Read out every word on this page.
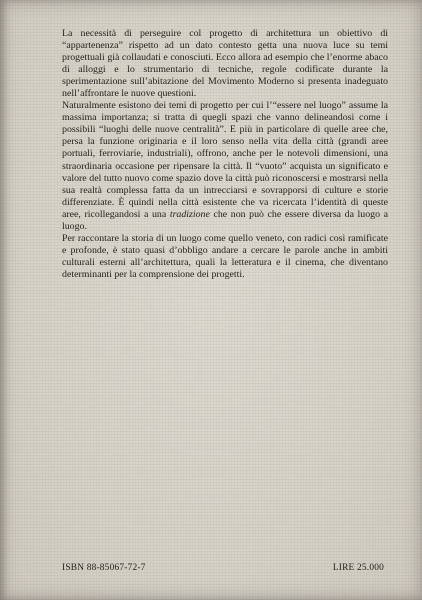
La necessità di perseguire col progetto di architettura un obiettivo di “appartenenza” rispetto ad un dato contesto getta una nuova luce su temi progettuali già collaudati e conosciuti. Ecco allora ad esempio che l’enorme abaco di alloggi e lo strumentario di tecniche, regole codificate durante la sperimentazione sull’abitazione del Movimento Moderno si presenta inadeguato nell’affrontare le nuove questioni.

Naturalmente esistono dei temi di progetto per cui l’“essere nel luogo” assume la massima importanza; si tratta di quegli spazi che vanno delineandosi come i possibili “luoghi delle nuove centralità”. E più in particolare di quelle aree che, persa la funzione originaria e il loro senso nella vita della città (grandi aree portuali, ferroviarie, industriali), offrono, anche per le notevoli dimensioni, una straordinaria occasione per ripensare la città. Il “vuoto” acquista un significato e valore del tutto nuovo come spazio dove la città può riconoscersi e mostrarsi nella sua realtà complessa fatta da un intrecciarsi e sovrapporsi di culture e storie differenziate. È quindi nella città esistente che va ricercata l’identità di queste aree, ricollegandosi a una tradizione che non può che essere diversa da luogo a luogo.

Per raccontare la storia di un luogo come quello veneto, con radici così ramificate e profonde, è stato quasi d’obbligo andare a cercare le parole anche in ambiti culturali esterni all’architettura, quali la letteratura e il cinema, che diventano determinanti per la comprensione dei progetti.

ISBN 88-85067-72-7	LIRE 25.000
